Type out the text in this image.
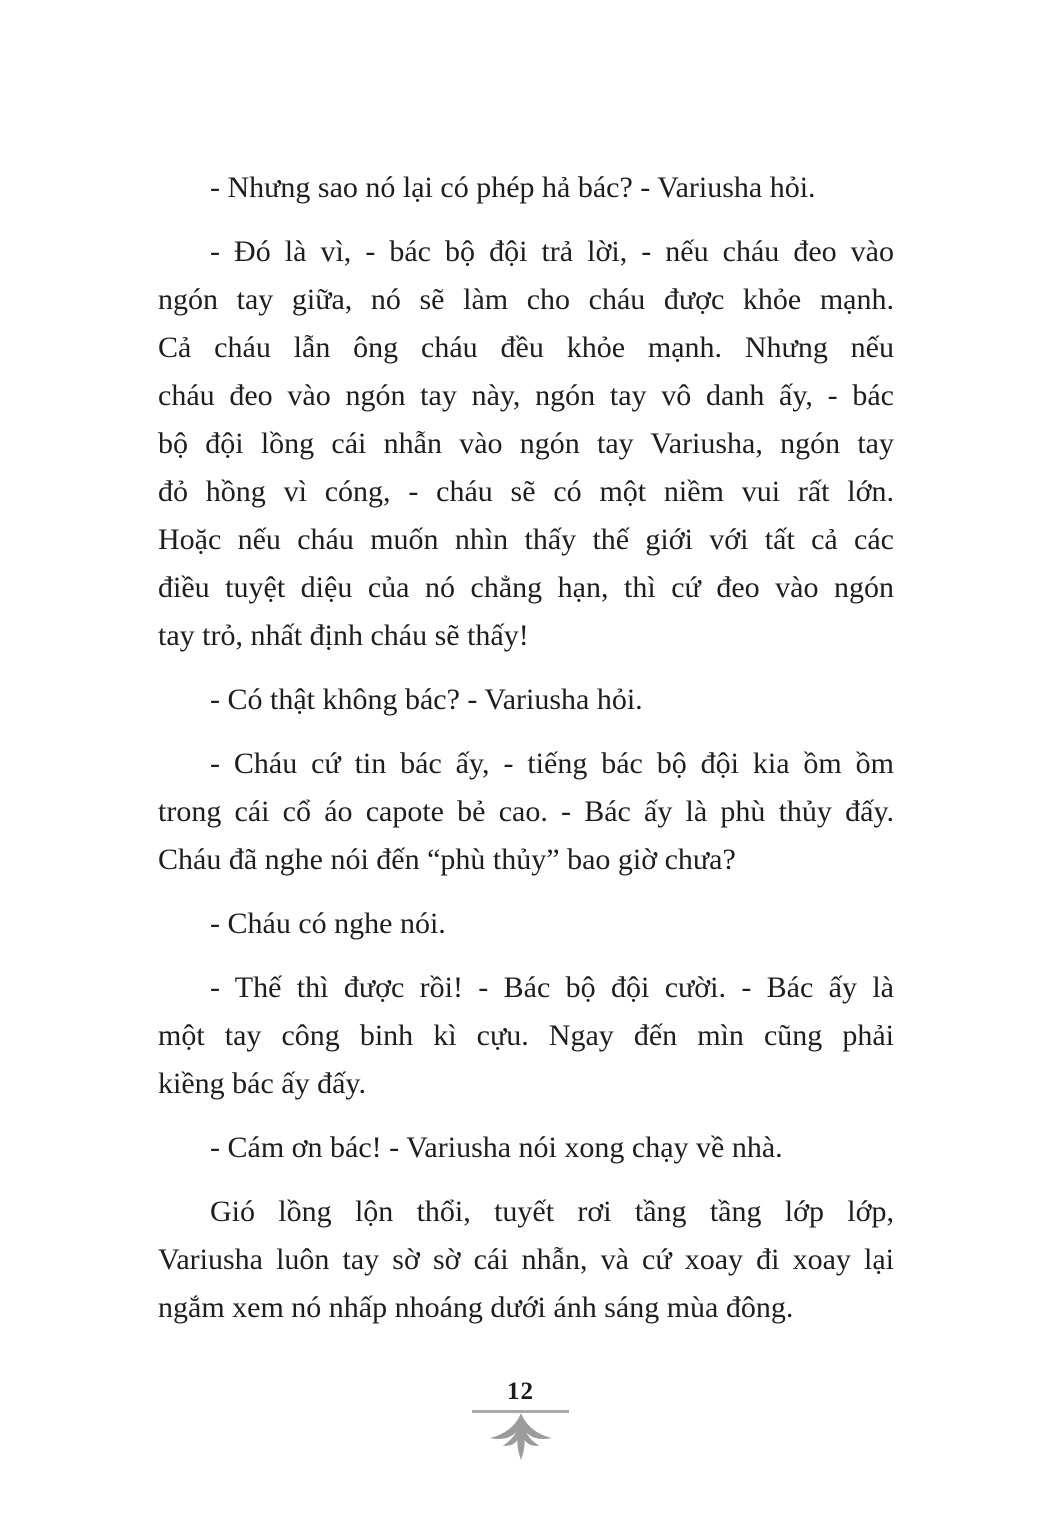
- Nhưng sao nó lại có phép hả bác? - Variusha hỏi.
- Đó là vì, - bác bộ đội trả lời, - nếu cháu đeo vào
ngón tay giữa, nó sẽ làm cho cháu được khỏe mạnh.
Cả cháu lẫn ông cháu đều khỏe mạnh. Nhưng nếu
cháu đeo vào ngón tay này, ngón tay vô danh ấy, - bác
bộ đội lồng cái nhẫn vào ngón tay Variusha, ngón tay
đỏ hồng vì cóng, - cháu sẽ có một niềm vui rất lớn.
Hoặc nếu cháu muốn nhìn thấy thế giới với tất cả các
điều tuyệt diệu của nó chẳng hạn, thì cứ đeo vào ngón
tay trỏ, nhất định cháu sẽ thấy!
- Có thật không bác? - Variusha hỏi.
- Cháu cứ tin bác ấy, - tiếng bác bộ đội kia ồm ồm
trong cái cổ áo capote bẻ cao. - Bác ấy là phù thủy đấy.
Cháu đã nghe nói đến “phù thủy” bao giờ chưa?
- Cháu có nghe nói.
- Thế thì được rồi! - Bác bộ đội cười. - Bác ấy là
một tay công binh kì cựu. Ngay đến mìn cũng phải
kiềng bác ấy đấy.
- Cám ơn bác! - Variusha nói xong chạy về nhà.
Gió lồng lộn thổi, tuyết rơi tầng tầng lớp lớp,
Variusha luôn tay sờ sờ cái nhẫn, và cứ xoay đi xoay lại
ngắm xem nó nhấp nhoáng dưới ánh sáng mùa đông.
12
